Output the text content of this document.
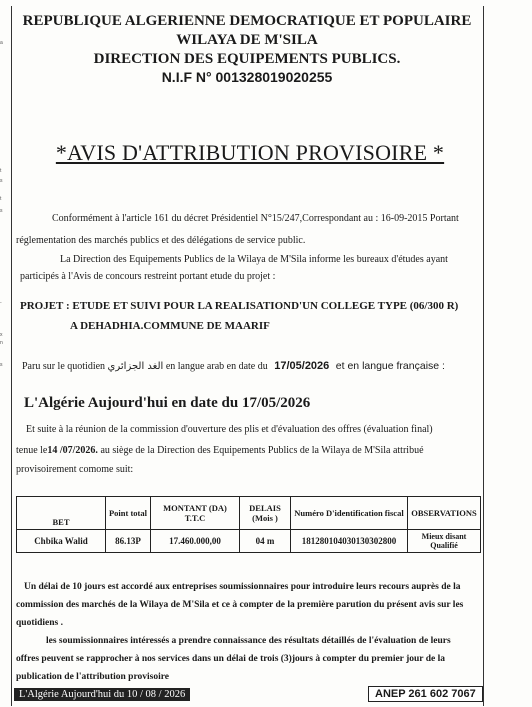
a
t
s
t
s
-
x
n
s
REPUBLIQUE ALGERIENNE DEMOCRATIQUE ET POPULAIRE
WILAYA DE M'SILA
DIRECTION DES EQUIPEMENTS PUBLICS.
N.I.F N° 001328019020255
*AVIS D'ATTRIBUTION PROVISOIRE *
Conformément à l'article 161 du décret Présidentiel N°15/247,Correspondant au : 16-09-2015 Portant
réglementation des marchés publics et des délégations de service public.
La Direction des Equipements Publics de la Wilaya de M'Sila informe les bureaux d'études ayant
participés à l'Avis de concours restreint portant etude du projet :
PROJET : ETUDE ET SUIVI POUR LA REALISATIOND'UN COLLEGE TYPE (06/300 R)
A DEHADHIA.COMMUNE DE MAARIF
Paru sur le quotidien الغد الجزائري en langue arab en date du 17/05/2026 et en langue française :
L'Algérie Aujourd'hui en date du 17/05/2026
Et suite à la réunion de la commission d'ouverture des plis et d'évaluation des offres (évaluation final)
tenue le14 /07/2026. au siège de la Direction des Equipements Publics de la Wilaya de M'Sila attribué
provisoirement comome suit:
BET	Point total	MONTANT (DA) T.T.C	DELAIS (Mois )	Numéro D'identification fiscal	OBSERVATIONS
Chbika Walid	86.13P	17.460.000,00	04 m	181280104030130302800	Mieux disant Qualifié
Un délai de 10 jours est accordé aux entreprises soumissionnaires pour introduire leurs recours auprès de la
commission des marchés de la Wilaya de M'Sila et ce à compter de la première parution du présent avis sur les
quotidiens .
les soumissionnaires intéressés a prendre connaissance des résultats détaillés de l'évaluation de leurs
offres peuvent se rapprocher à nos services dans un délai de trois (3)jours à compter du premier jour de la
publication de l'attribution provisoire
L'Algérie Aujourd'hui du 10 / 08 / 2026	ANEP 261 602 7067
